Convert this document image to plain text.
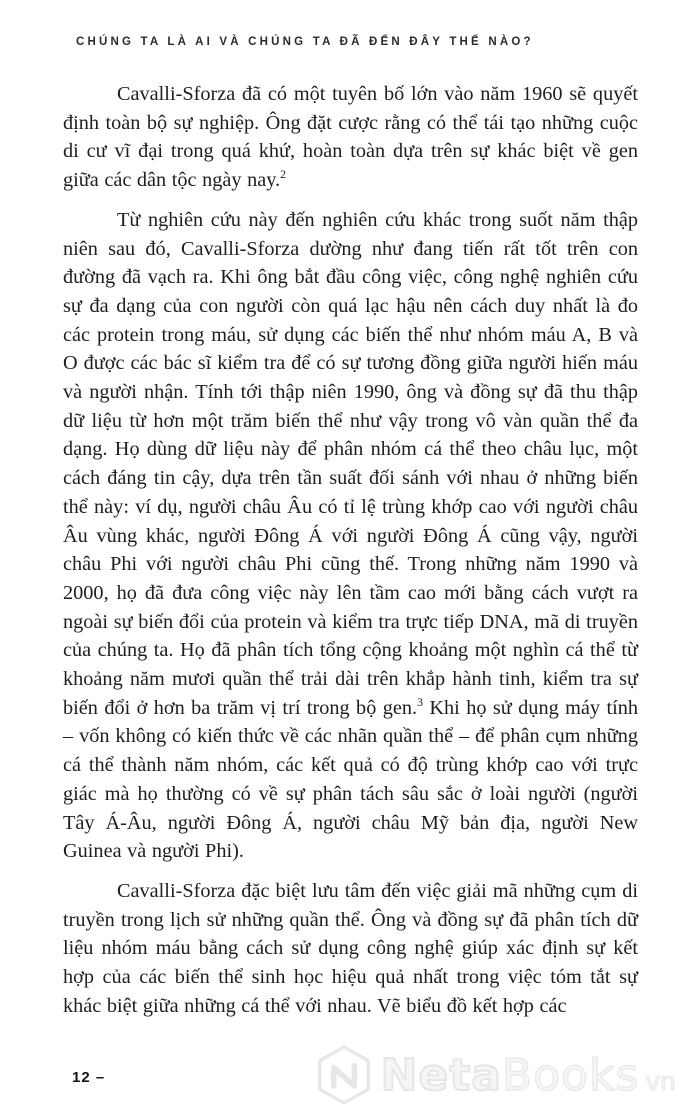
CHÚNG TA LÀ AI VÀ CHÚNG TA ĐÃ ĐẾN ĐÂY THẾ NÀO?

Cavalli-Sforza đã có một tuyên bố lớn vào năm 1960 sẽ quyết định toàn bộ sự nghiệp. Ông đặt cược rằng có thể tái tạo những cuộc di cư vĩ đại trong quá khứ, hoàn toàn dựa trên sự khác biệt về gen giữa các dân tộc ngày nay.$^2$

Từ nghiên cứu này đến nghiên cứu khác trong suốt năm thập niên sau đó, Cavalli-Sforza dường như đang tiến rất tốt trên con đường đã vạch ra. Khi ông bắt đầu công việc, công nghệ nghiên cứu sự đa dạng của con người còn quá lạc hậu nên cách duy nhất là đo các protein trong máu, sử dụng các biến thể như nhóm máu A, B và O được các bác sĩ kiểm tra để có sự tương đồng giữa người hiến máu và người nhận. Tính tới thập niên 1990, ông và đồng sự đã thu thập dữ liệu từ hơn một trăm biến thể như vậy trong vô vàn quần thể đa dạng. Họ dùng dữ liệu này để phân nhóm cá thể theo châu lục, một cách đáng tin cậy, dựa trên tần suất đối sánh với nhau ở những biến thể này: ví dụ, người châu Âu có tỉ lệ trùng khớp cao với người châu Âu vùng khác, người Đông Á với người Đông Á cũng vậy, người châu Phi với người châu Phi cũng thế. Trong những năm 1990 và 2000, họ đã đưa công việc này lên tầm cao mới bằng cách vượt ra ngoài sự biến đổi của protein và kiểm tra trực tiếp DNA, mã di truyền của chúng ta. Họ đã phân tích tổng cộng khoảng một nghìn cá thể từ khoảng năm mươi quần thể trải dài trên khắp hành tinh, kiểm tra sự biến đổi ở hơn ba trăm vị trí trong bộ gen.$^3$ Khi họ sử dụng máy tính – vốn không có kiến thức về các nhãn quần thể – để phân cụm những cá thể thành năm nhóm, các kết quả có độ trùng khớp cao với trực giác mà họ thường có về sự phân tách sâu sắc ở loài người (người Tây Á-Âu, người Đông Á, người châu Mỹ bản địa, người New Guinea và người Phi).

Cavalli-Sforza đặc biệt lưu tâm đến việc giải mã những cụm di truyền trong lịch sử những quần thể. Ông và đồng sự đã phân tích dữ liệu nhóm máu bằng cách sử dụng công nghệ giúp xác định sự kết hợp của các biến thể sinh học hiệu quả nhất trong việc tóm tắt sự khác biệt giữa những cá thể với nhau. Vẽ biểu đồ kết hợp các

12 –	Neta Books vn
